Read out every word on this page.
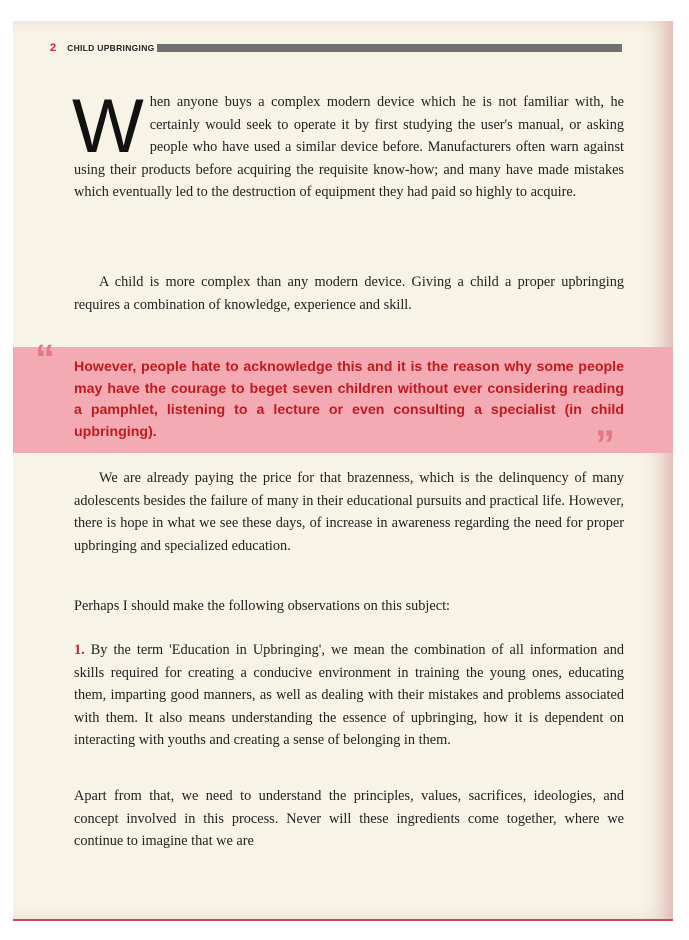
2 CHILD UPBRINGING

When anyone buys a complex modern device which he is not familiar with, he certainly would seek to operate it by first studying the user's manual, or asking people who have used a similar device before. Manufacturers often warn against using their products before acquiring the requisite know-how; and many have made mistakes which eventually led to the destruction of equipment they had paid so highly to acquire.

A child is more complex than any modern device. Giving a child a proper upbringing requires a combination of knowledge, experience and skill.

“ However, people hate to acknowledge this and it is the reason why some people may have the courage to beget seven children without ever considering reading a pamphlet, listening to a lecture or even consulting a specialist (in child upbringing).	”

We are already paying the price for that brazenness, which is the delinquency of many adolescents besides the failure of many in their educational pursuits and practical life. However, there is hope in what we see these days, of increase in awareness regarding the need for proper upbringing and specialized education.

Perhaps I should make the following observations on this subject:

1. By the term 'Education in Upbringing', we mean the combination of all information and skills required for creating a conducive environment in training the young ones, educating them, imparting good manners, as well as dealing with their mistakes and problems associated with them. It also means understanding the essence of upbringing, how it is dependent on interacting with youths and creating a sense of belonging in them.

Apart from that, we need to understand the principles, values, sacrifices, ideologies, and concept involved in this process. Never will these ingredients come together, where we continue to imagine that we are
